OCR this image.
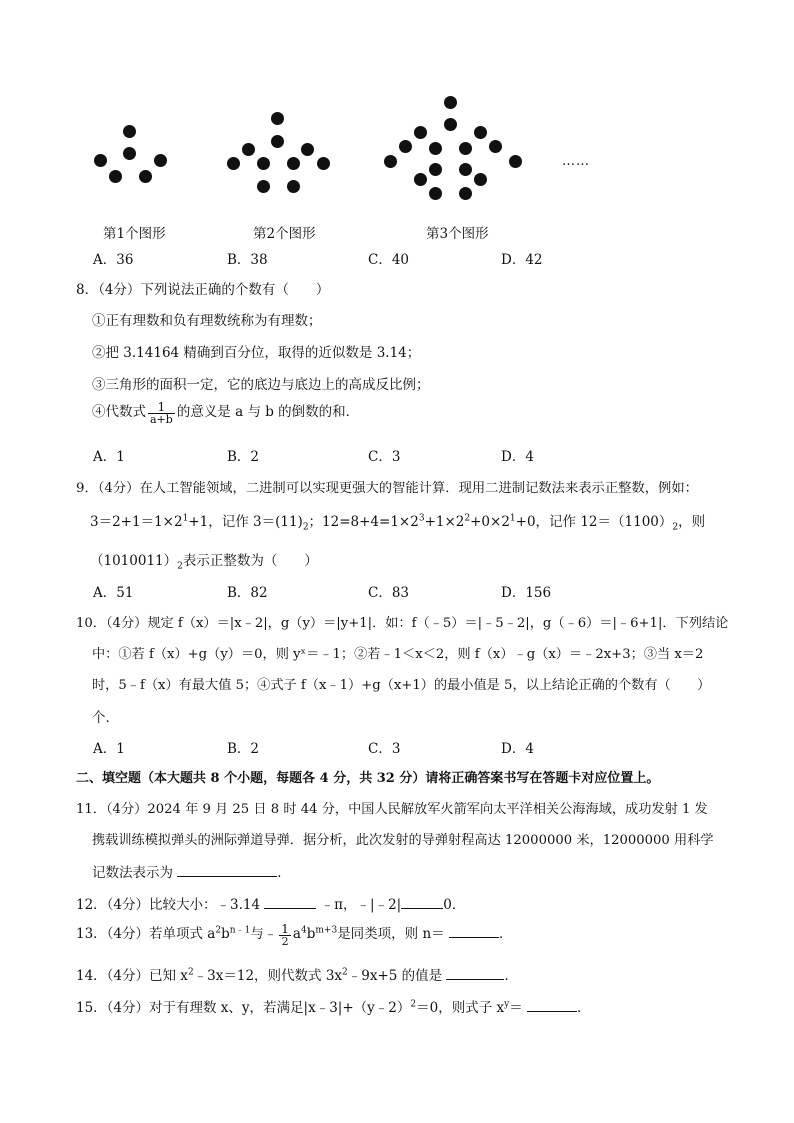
……
第1个图形	第2个图形	第3个图形
A．36	B．38	C．40	D．42
8．（4分）下列说法正确的个数有（　　）
①正有理数和负有理数统称为有理数；
②把 3.14164 精确到百分位，取得的近似数是 3.14；
③三角形的面积一定，它的底边与底边上的高成反比例；
④代数式 $\frac{1}{a+b}$ 的意义是 a 与 b 的倒数的和．
A．1	B．2	C．3	D．4
9．（4分）在人工智能领域，二进制可以实现更强大的智能计算．现用二进制记数法来表示正整数，例如：
$3=2+1=1\times 2^1+1$，记作 $3=(11)_2$；$12=8+4=1\times 2^3+1\times 2^2+0\times 2^1+0$，记作 $12=(1100)_2$，则
$(1010011)_2$表示正整数为（　　）
A．51	B．82	C．83	D．156
10．（4分）规定 f（x）＝|x﹣2|，g（y）＝|y+1|．如：f（﹣5）＝|﹣5﹣2|，g（﹣6）＝|﹣6+1|．下列结论
中：①若 f（x）+g（y）＝0，则 yˣ＝﹣1；②若﹣1＜x＜2，则 f（x）﹣g（x）＝﹣2x+3；③当 x＝2
时，5﹣f（x）有最大值 5；④式子 f（x﹣1）+g（x+1）的最小值是 5，以上结论正确的个数有（　　）
个．
A．1	B．2	C．3	D．4
二、填空题（本大题共 8 个小题，每题各 4 分，共 32 分）请将正确答案书写在答题卡对应位置上。
11．（4分）2024 年 9 月 25 日 8 时 44 分，中国人民解放军火箭军向太平洋相关公海海域，成功发射 1 发
携载训练模拟弹头的洲际弹道导弹．据分析，此次发射的导弹射程高达 12000000 米，12000000 用科学
记数法表示为	．
12．（4分）比较大小：﹣3.14	﹣π，﹣|﹣2|	0．
13．（4分）若单项式 $a^2b^{n﹣1}$与﹣ $\frac{1}{2} a^4b^{m+3}$是同类项，则 n＝	．
14．（4分）已知 $x^2﹣3x=12$，则代数式 $3x^2﹣9x+5$ 的值是	．
15．（4分）对于有理数 x、y，若满足|x﹣3|+（y﹣2）$^2$＝0，则式子 $x^y=$	．
